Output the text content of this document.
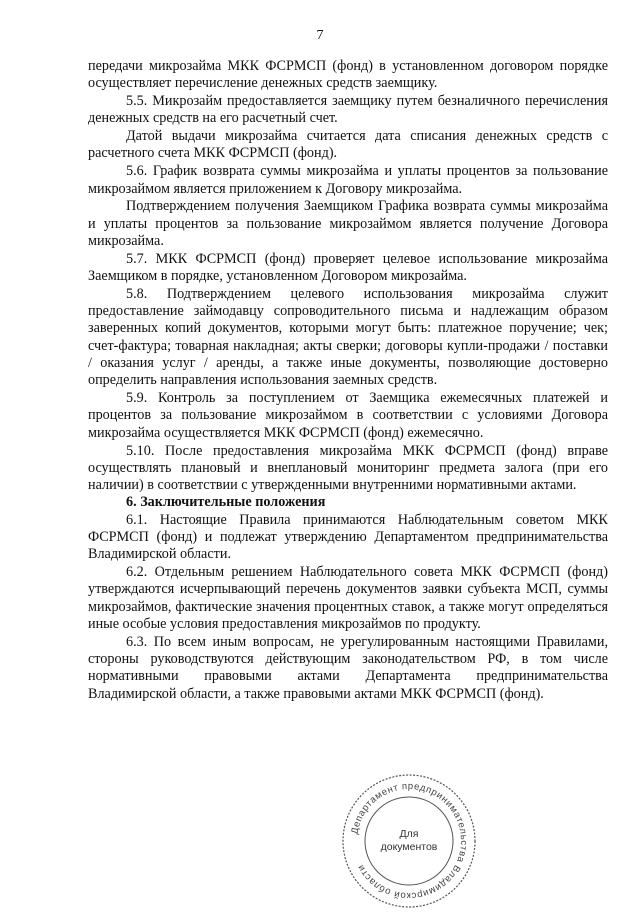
7

передачи микрозайма МКК ФСРМСП (фонд) в установленном договором порядке осуществляет перечисление денежных средств заемщику.

5.5. Микрозайм предоставляется заемщику путем безналичного перечисления денежных средств на его расчетный счет.

Датой выдачи микрозайма считается дата списания денежных средств с расчетного счета МКК ФСРМСП (фонд).

5.6. График возврата суммы микрозайма и уплаты процентов за пользование микрозаймом является приложением к Договору микрозайма.

Подтверждением получения Заемщиком Графика возврата суммы микрозайма и уплаты процентов за пользование микрозаймом является получение Договора микрозайма.

5.7. МКК ФСРМСП (фонд) проверяет целевое использование микрозайма Заемщиком в порядке, установленном Договором микрозайма.

5.8. Подтверждением целевого использования микрозайма служит предоставление займодавцу сопроводительного письма и надлежащим образом заверенных копий документов, которыми могут быть: платежное поручение; чек; счет-фактура; товарная накладная; акты сверки; договоры купли-продажи / поставки / оказания услуг / аренды, а также иные документы, позволяющие достоверно определить направления использования заемных средств.

5.9. Контроль за поступлением от Заемщика ежемесячных платежей и процентов за пользование микрозаймом в соответствии с условиями Договора микрозайма осуществляется МКК ФСРМСП (фонд) ежемесячно.

5.10. После предоставления микрозайма МКК ФСРМСП (фонд) вправе осуществлять плановый и внеплановый мониторинг предмета залога (при его наличии) в соответствии с утвержденными внутренними нормативными актами.

6. Заключительные положения

6.1. Настоящие Правила принимаются Наблюдательным советом МКК ФСРМСП (фонд) и подлежат утверждению Департаментом предпринимательства Владимирской области.

6.2. Отдельным решением Наблюдательного совета МКК ФСРМСП (фонд) утверждаются исчерпывающий перечень документов заявки субъекта МСП, суммы микрозаймов, фактические значения процентных ставок, а также могут определяться иные особые условия предоставления микрозаймов по продукту.

6.3. По всем иным вопросам, не урегулированным настоящими Правилами, стороны руководствуются действующим законодательством РФ, в том числе нормативными правовыми актами Департамента предпринимательства Владимирской области, а также правовыми актами МКК ФСРМСП (фонд).

Департамент предпринимательства Владимирской области
Для
документов
